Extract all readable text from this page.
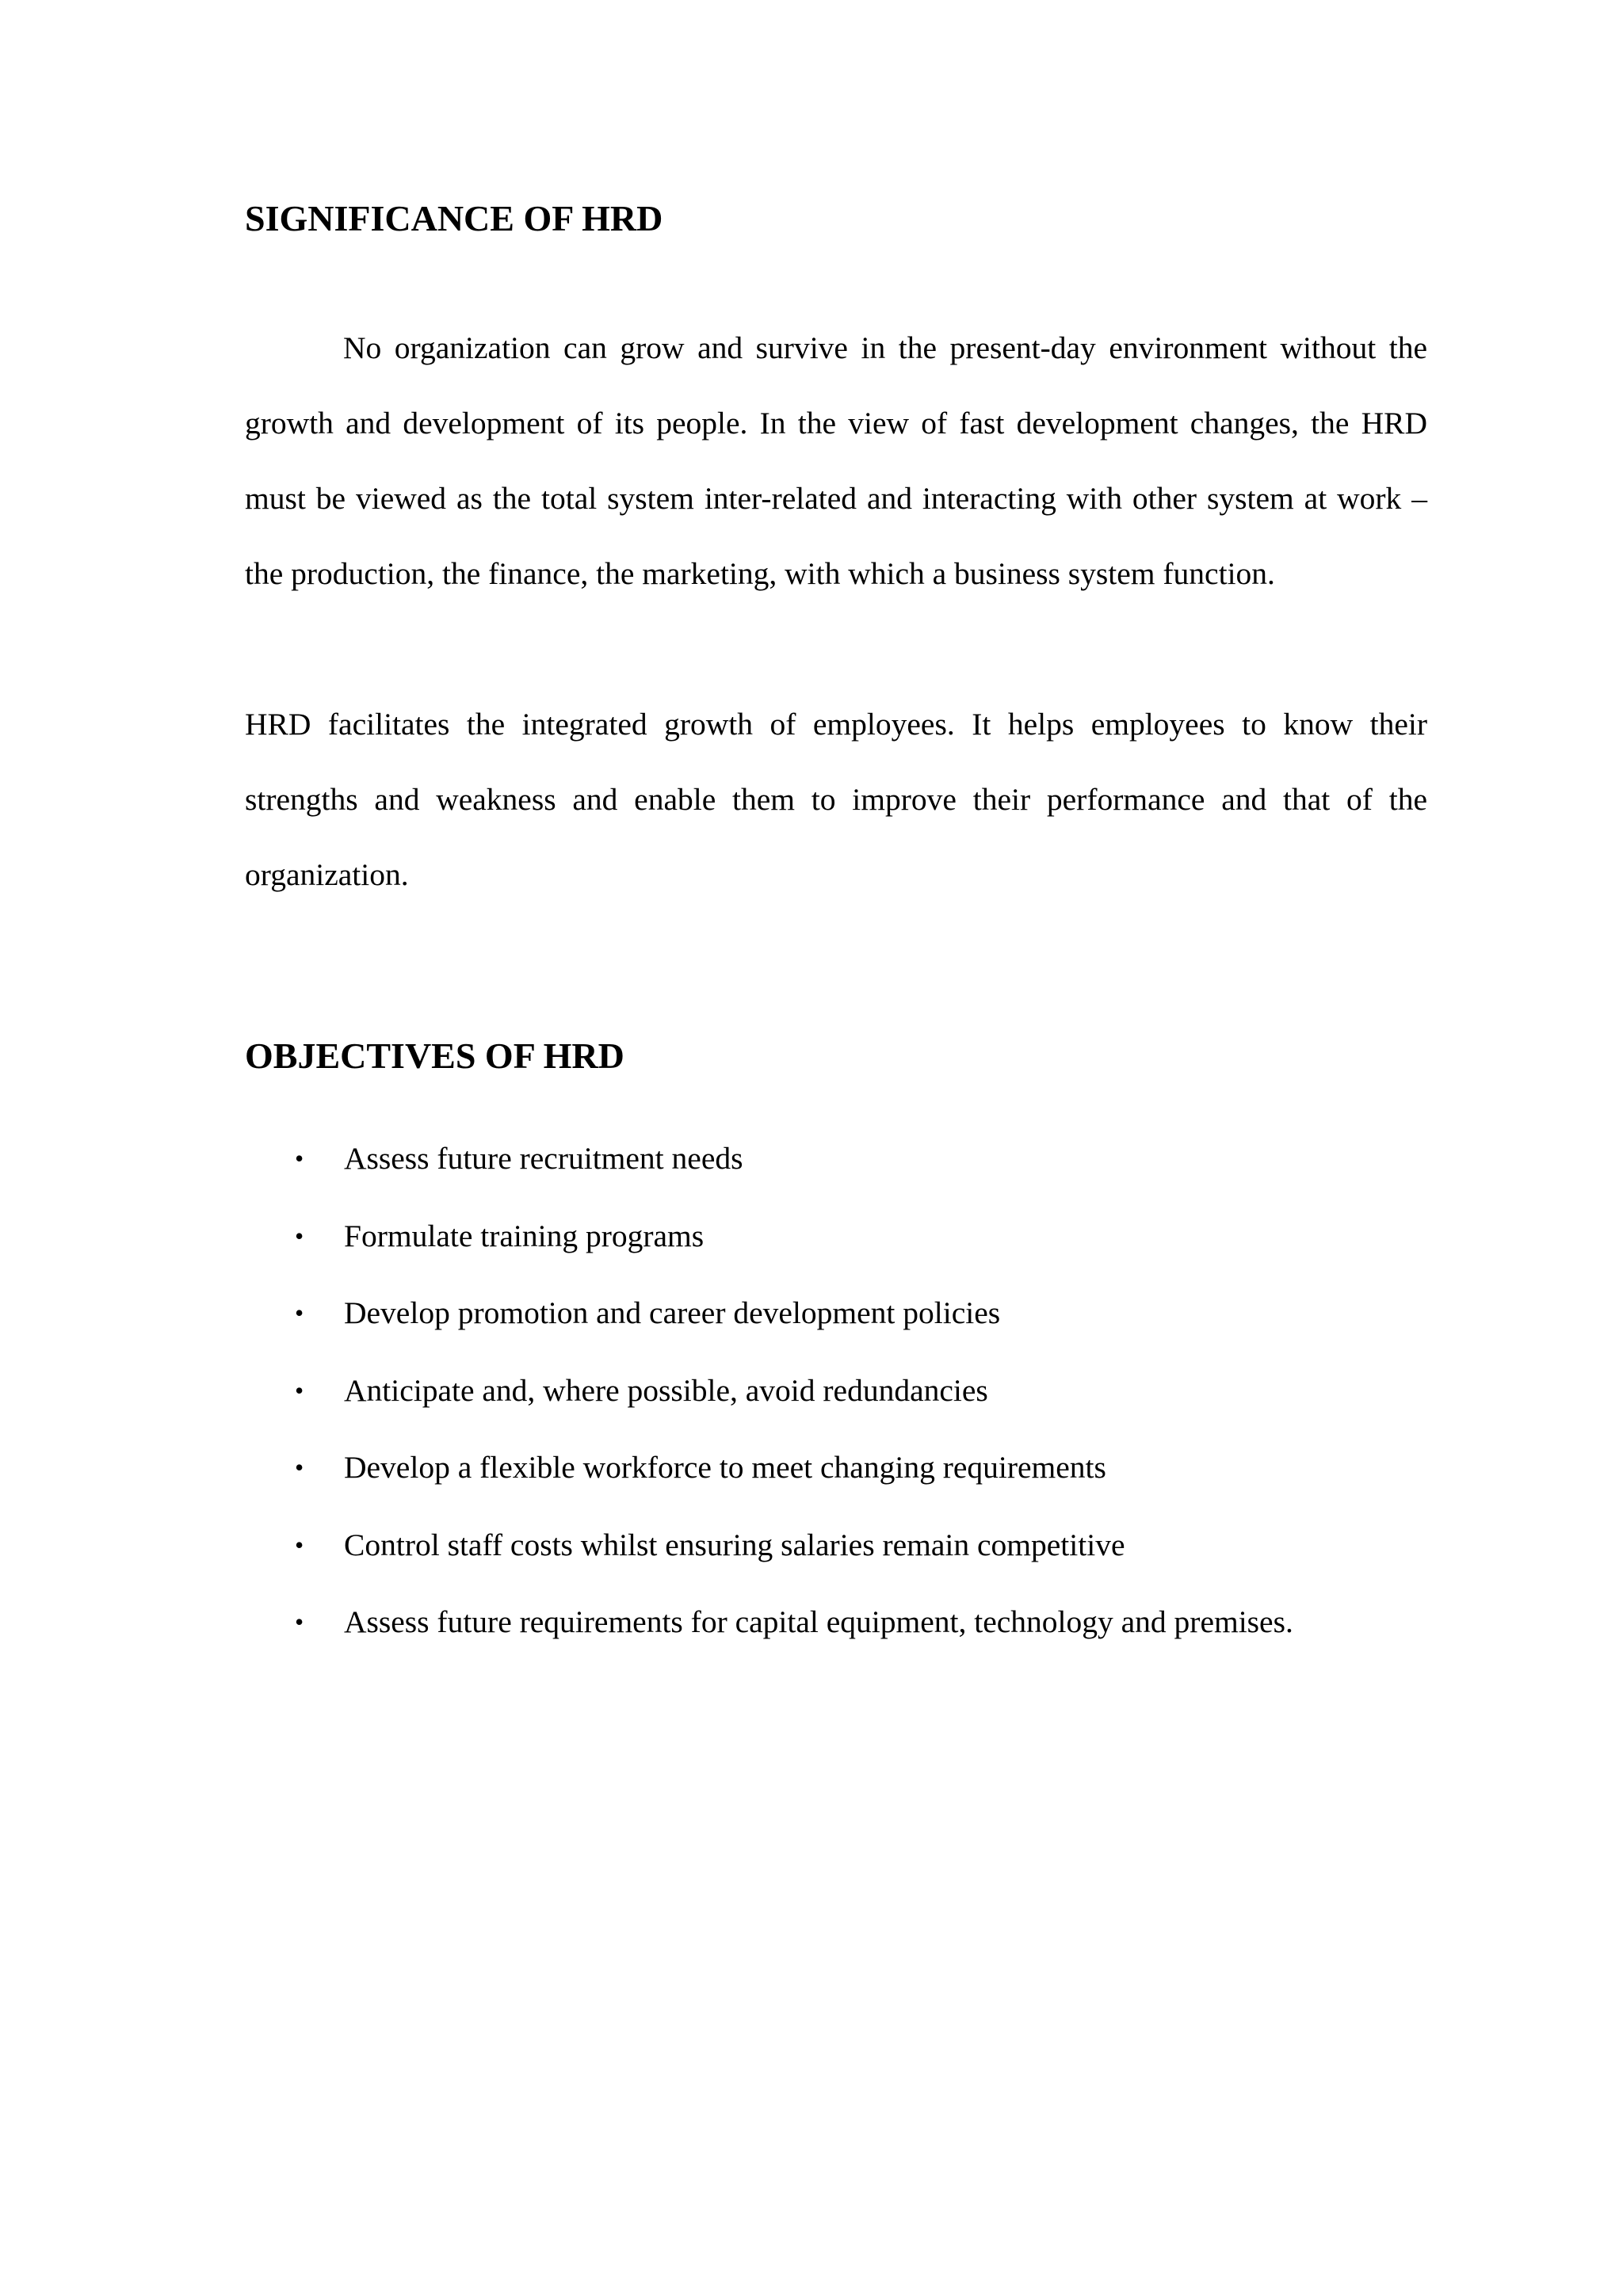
SIGNIFICANCE OF HRD

No organization can grow and survive in the present-day environment without the growth and development of its people. In the view of fast development changes, the HRD must be viewed as the total system inter-related and interacting with other system at work – the production, the finance, the marketing, with which a business system function.

HRD facilitates the integrated growth of employees. It helps employees to know their strengths and weakness and enable them to improve their performance and that of the organization.

OBJECTIVES OF HRD
•	Assess future recruitment needs
•	Formulate training programs
•	Develop promotion and career development policies
•	Anticipate and, where possible, avoid redundancies
•	Develop a flexible workforce to meet changing requirements
•	Control staff costs whilst ensuring salaries remain competitive
•	Assess future requirements for capital equipment, technology and premises.
